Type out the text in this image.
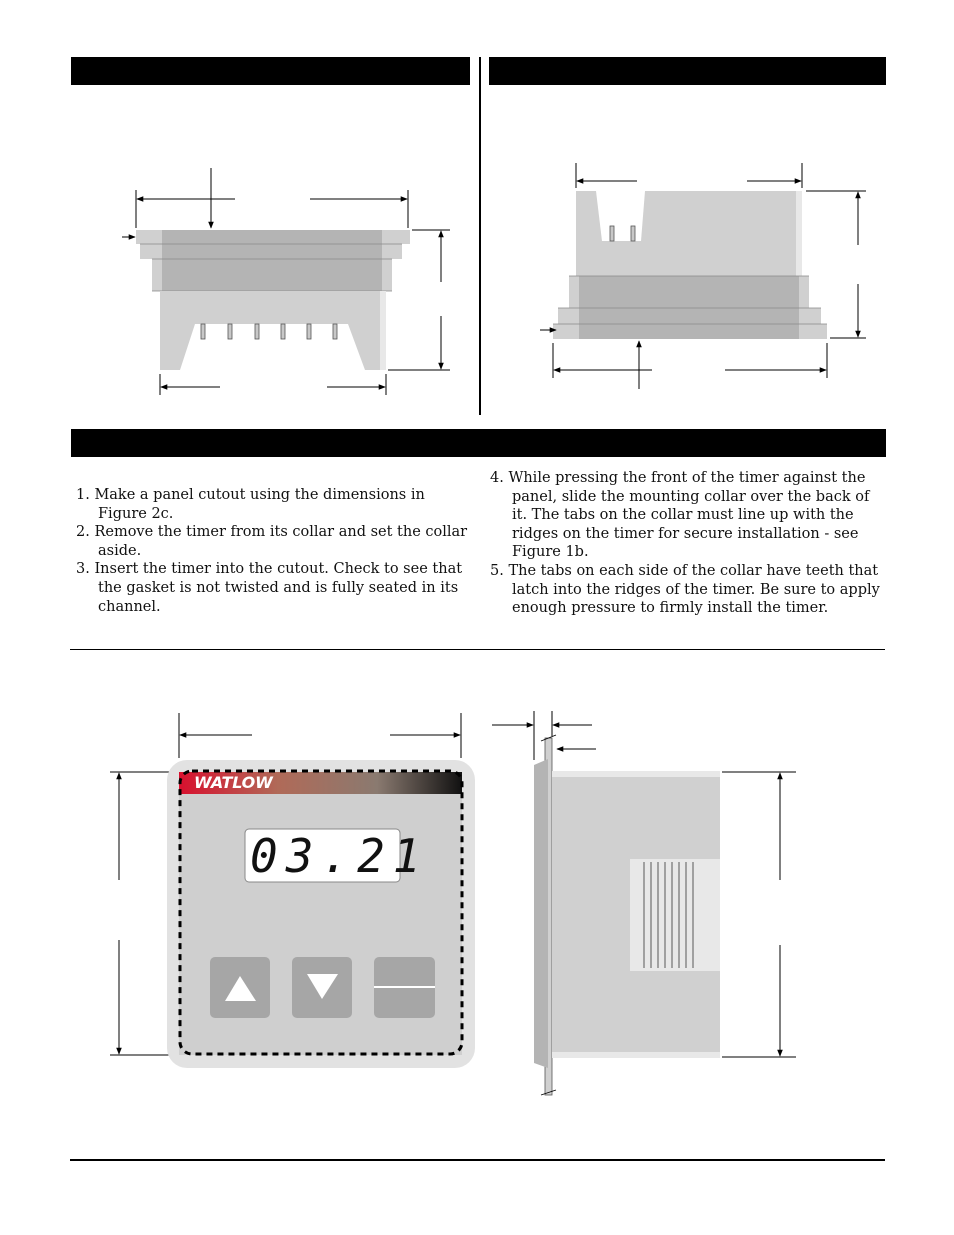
1. Make a panel cutout using the dimensions in Figure 2c.
2. Remove the timer from its collar and set the collar aside.
3. Insert the timer into the cutout. Check to see that the gasket is not twisted and is fully seated in its channel.
4. While pressing the front of the timer against the panel, slide the mounting collar over the back of it. The tabs on the collar must line up with the ridges on the timer for secure installation - see Figure 1b.
5. The tabs on each side of the collar have teeth that latch into the ridges of the timer. Be sure to apply enough pressure to firmly install the timer.
WATLOW
03.21
